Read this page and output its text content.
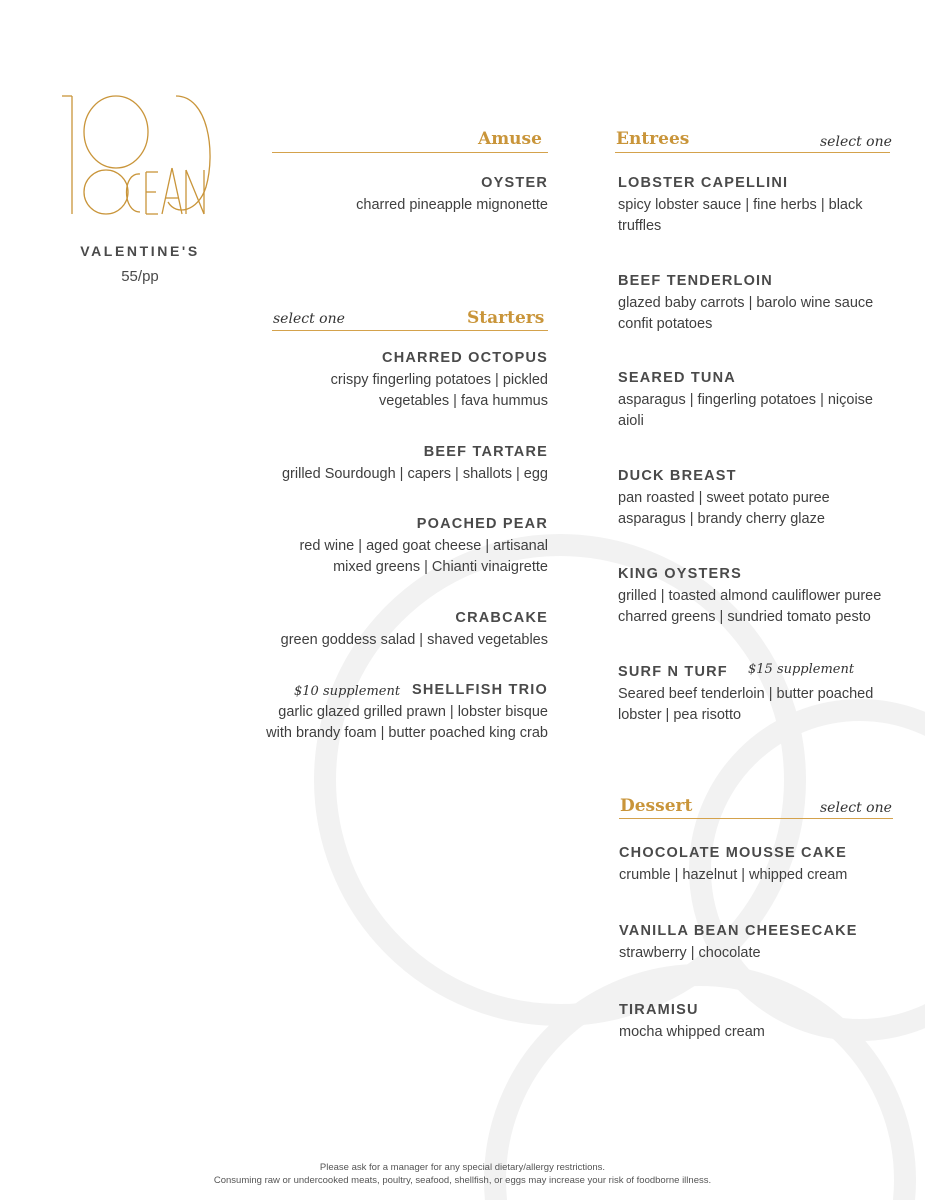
VALENTINE'S
55/pp
Amuse
OYSTER
charred pineapple mignonette
select one	Starters
CHARRED OCTOPUS
crispy fingerling potatoes | pickled
vegetables | fava hummus
BEEF TARTARE
grilled Sourdough | capers | shallots | egg
POACHED PEAR
red wine | aged goat cheese | artisanal
mixed greens | Chianti vinaigrette
CRABCAKE
green goddess salad | shaved vegetables
$10 supplement SHELLFISH TRIO
garlic glazed grilled prawn | lobster bisque
with brandy foam | butter poached king crab
Entrees	select one
LOBSTER CAPELLINI
spicy lobster sauce | fine herbs | black
truffles
BEEF TENDERLOIN
glazed baby carrots | barolo wine sauce
confit potatoes
SEARED TUNA
asparagus | fingerling potatoes | niçoise
aioli
DUCK BREAST
pan roasted | sweet potato puree
asparagus | brandy cherry glaze
KING OYSTERS
grilled | toasted almond cauliflower puree
charred greens | sundried tomato pesto
$15 supplement
SURF N TURF
Seared beef tenderloin | butter poached
lobster | pea risotto
Dessert	select one
CHOCOLATE MOUSSE CAKE
crumble | hazelnut | whipped cream
VANILLA BEAN CHEESECAKE
strawberry | chocolate
TIRAMISU
mocha whipped cream
Please ask for a manager for any special dietary/allergy restrictions.
Consuming raw or undercooked meats, poultry, seafood, shellfish, or eggs may increase your risk of foodborne illness.
